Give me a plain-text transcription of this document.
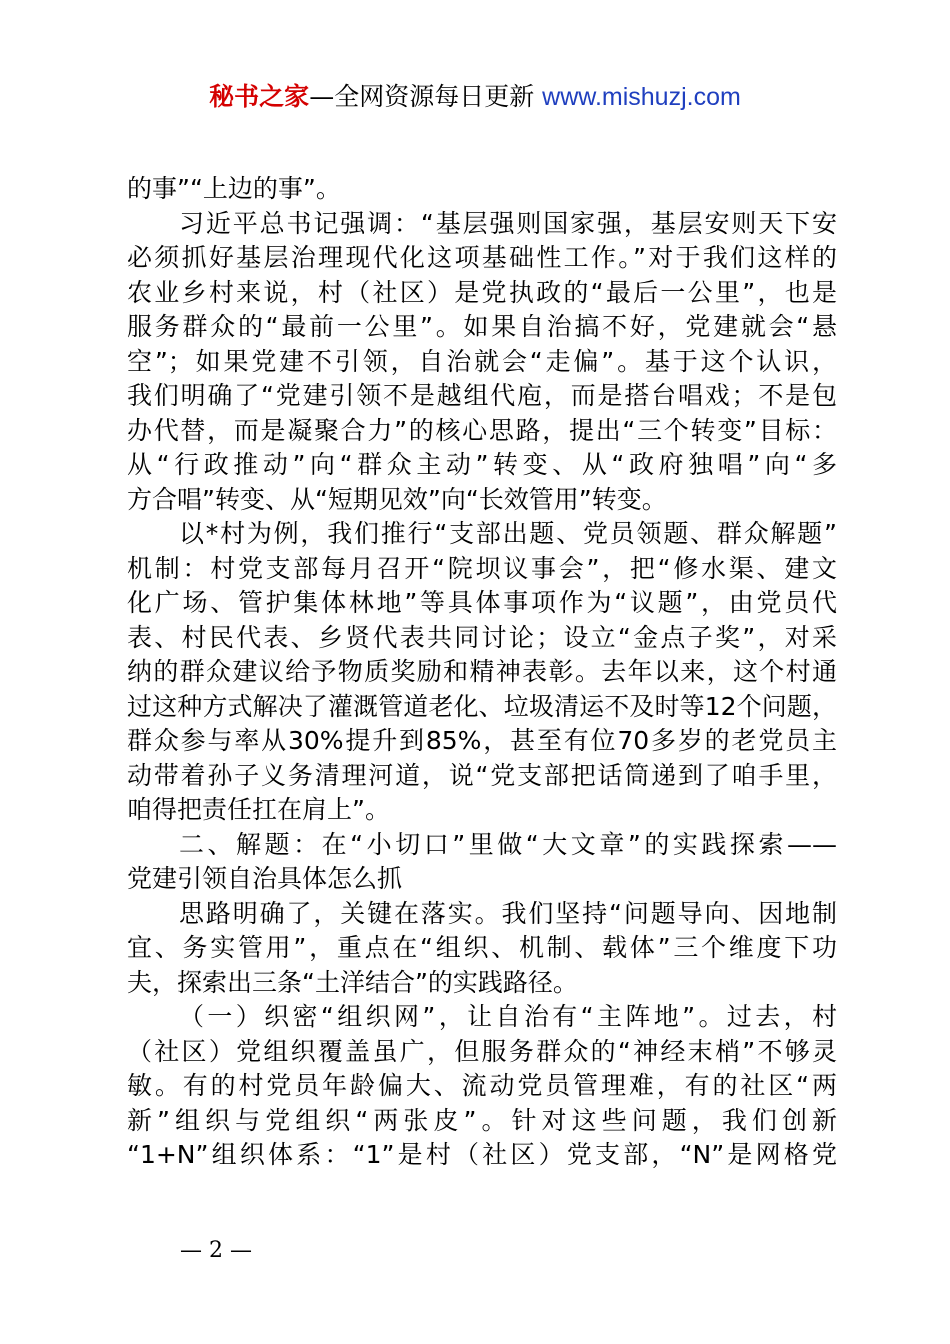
秘书之家—全网资源每日更新 www.mishuzj.com
的事”“上边的事”。
习近平总书记强调：“基层强则国家强，基层安则天下安
必须抓好基层治理现代化这项基础性工作。”对于我们这样的
农业乡村来说，村（社区）是党执政的“最后一公里”，也是
服务群众的“最前一公里”。如果自治搞不好，党建就会“悬
空”；如果党建不引领，自治就会“走偏”。基于这个认识，
我们明确了“党建引领不是越组代庖，而是搭台唱戏；不是包
办代替，而是凝聚合力”的核心思路，提出“三个转变”目标：
从“行政推动”向“群众主动”转变、从“政府独唱”向“多
方合唱”转变、从“短期见效”向“长效管用”转变。
以*村为例，我们推行“支部出题、党员领题、群众解题”
机制：村党支部每月召开“院坝议事会”，把“修水渠、建文
化广场、管护集体林地”等具体事项作为“议题”，由党员代
表、村民代表、乡贤代表共同讨论；设立“金点子奖”，对采
纳的群众建议给予物质奖励和精神表彰。去年以来，这个村通
过这种方式解决了灌溉管道老化、垃圾清运不及时等12个问题，
群众参与率从30%提升到85%，甚至有位70多岁的老党员主
动带着孙子义务清理河道，说“党支部把话筒递到了咱手里，
咱得把责任扛在肩上”。
二、解题：在“小切口”里做“大文章”的实践探索——
党建引领自治具体怎么抓
思路明确了，关键在落实。我们坚持“问题导向、因地制
宜、务实管用”，重点在“组织、机制、载体”三个维度下功
夫，探索出三条“土洋结合”的实践路径。
（一）织密“组织网”，让自治有“主阵地”。过去，村
（社区）党组织覆盖虽广，但服务群众的“神经末梢”不够灵
敏。有的村党员年龄偏大、流动党员管理难，有的社区“两
新”组织与党组织“两张皮”。针对这些问题，我们创新
“1+N”组织体系：“1”是村（社区）党支部，“N”是网格党
— 2 —
